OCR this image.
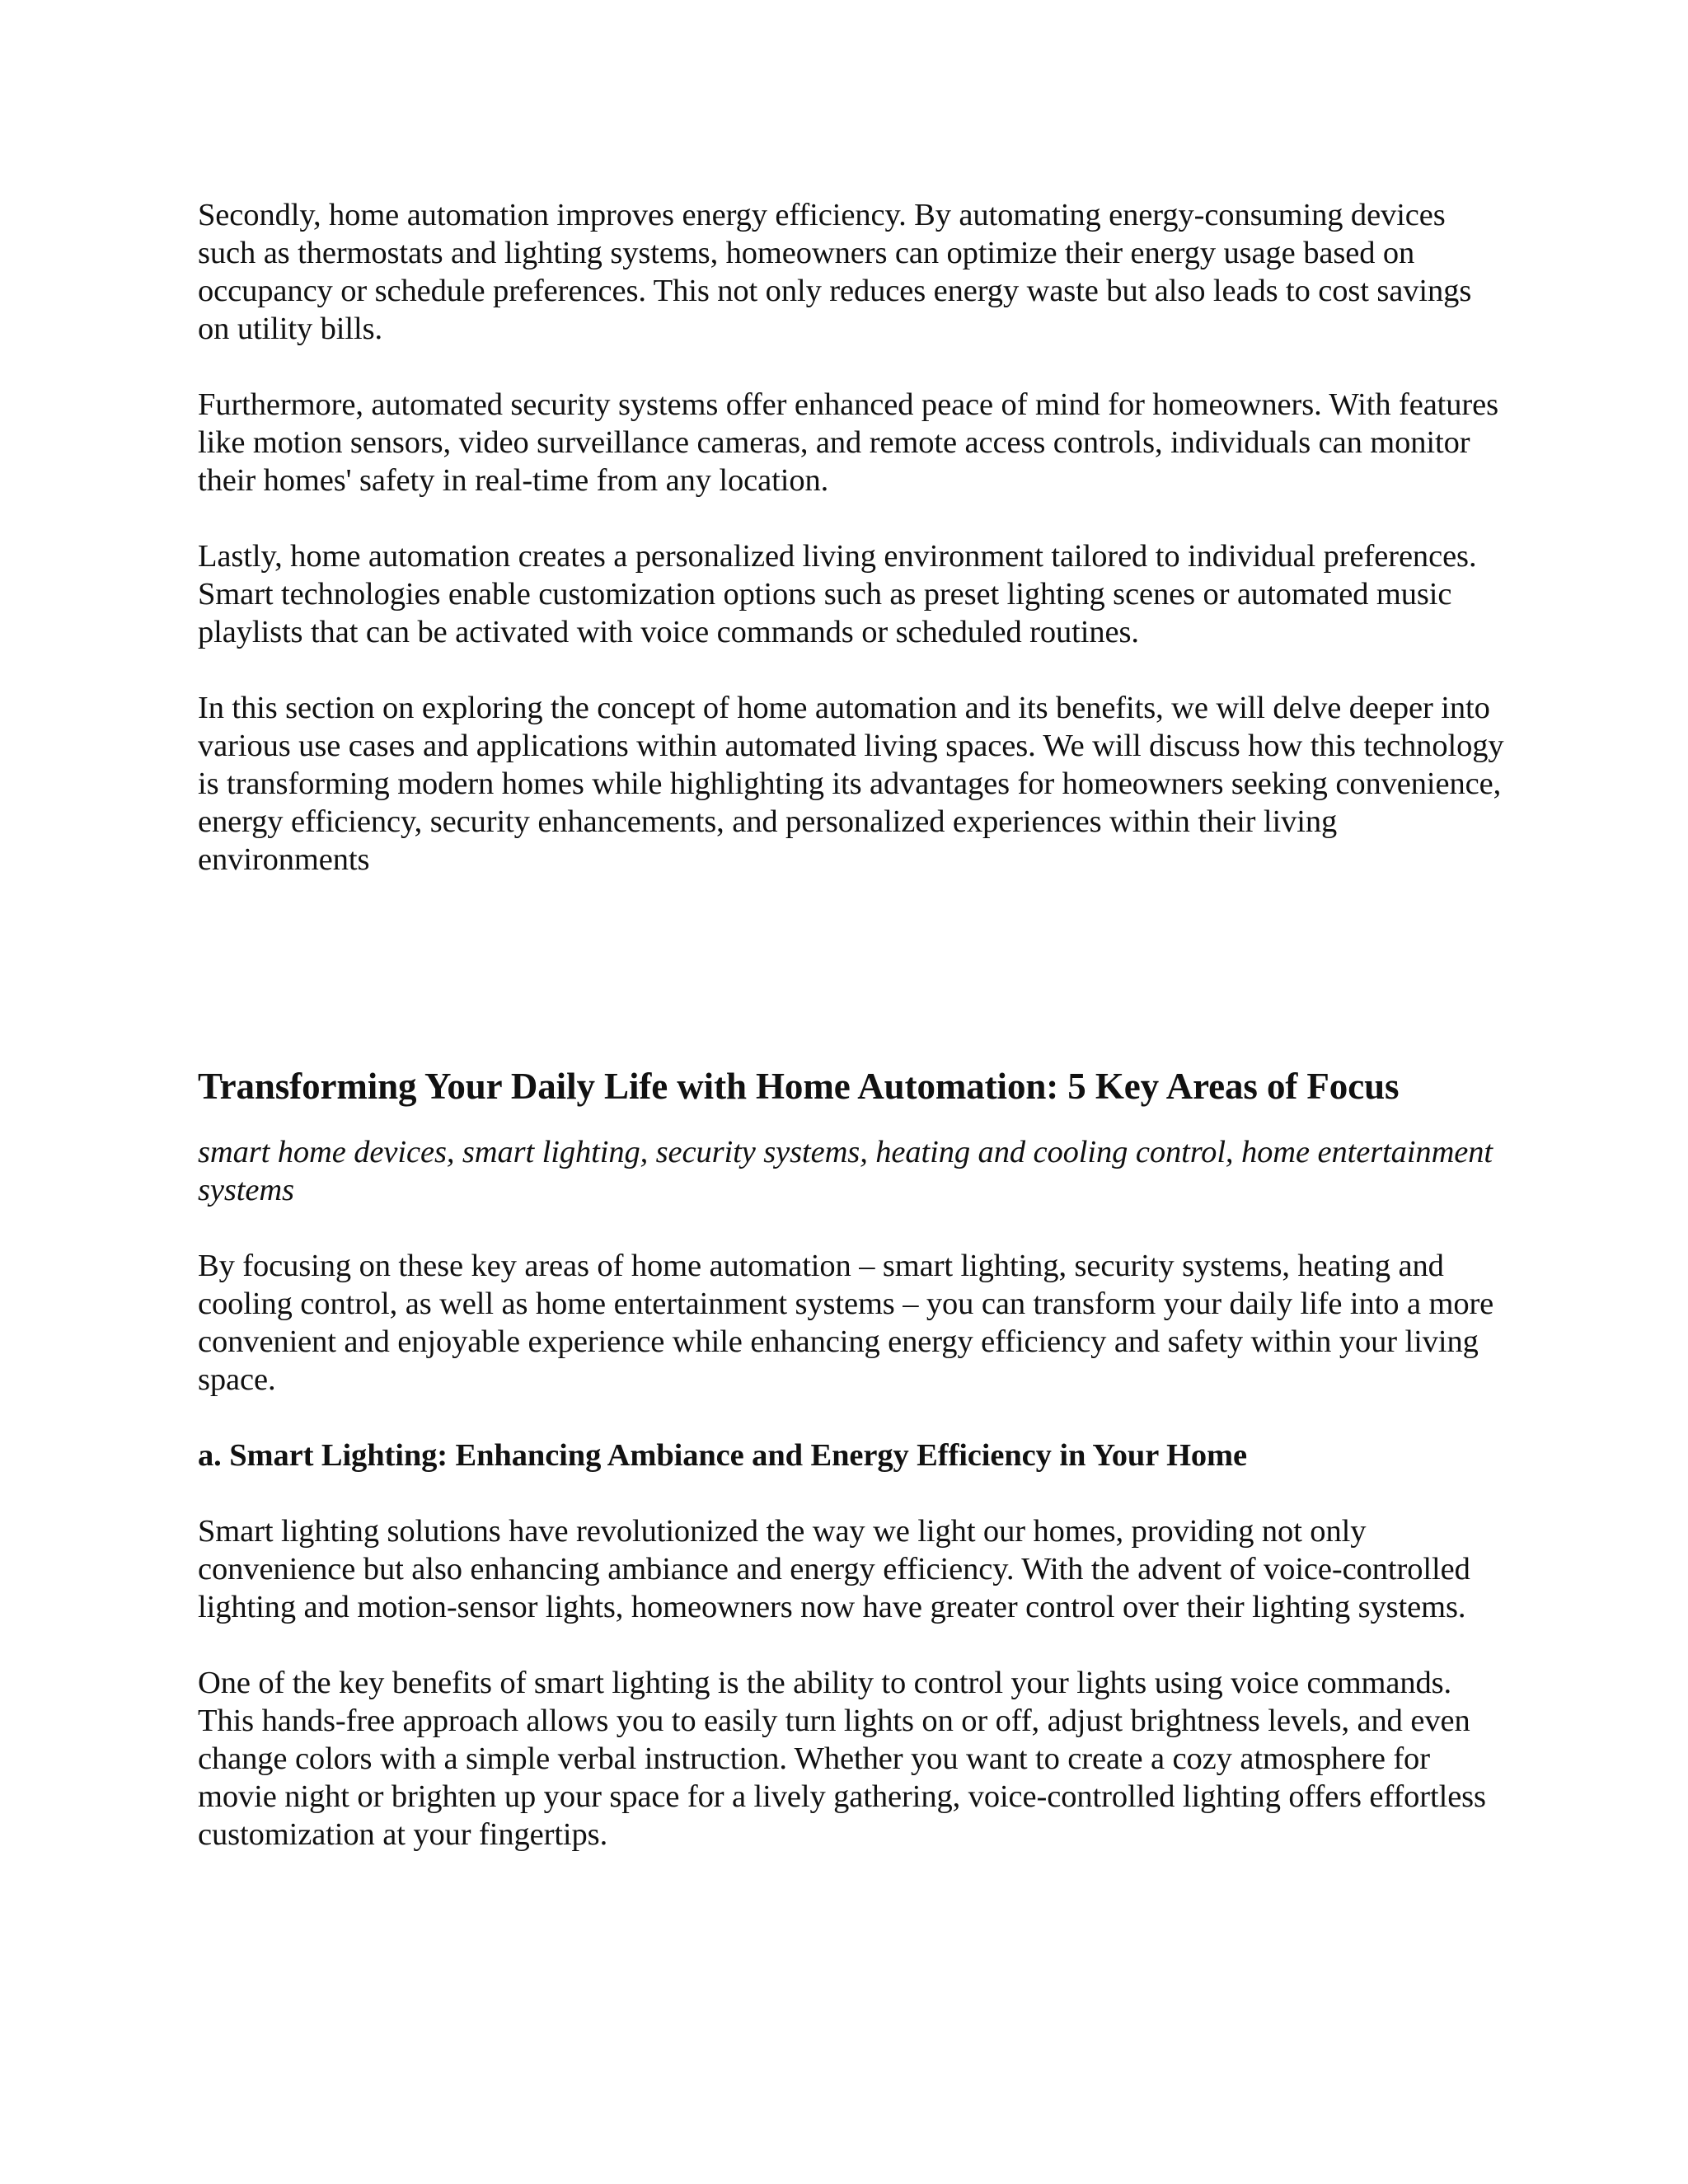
Secondly, home automation improves energy efficiency. By automating energy-consuming devices such as thermostats and lighting systems, homeowners can optimize their energy usage based on occupancy or schedule preferences. This not only reduces energy waste but also leads to cost savings on utility bills.

Furthermore, automated security systems offer enhanced peace of mind for homeowners. With features like motion sensors, video surveillance cameras, and remote access controls, individuals can monitor their homes' safety in real-time from any location.

Lastly, home automation creates a personalized living environment tailored to individual preferences. Smart technologies enable customization options such as preset lighting scenes or automated music playlists that can be activated with voice commands or scheduled routines.

In this section on exploring the concept of home automation and its benefits, we will delve deeper into various use cases and applications within automated living spaces. We will discuss how this technology is transforming modern homes while highlighting its advantages for homeowners seeking convenience, energy efficiency, security enhancements, and personalized experiences within their living environments

Transforming Your Daily Life with Home Automation: 5 Key Areas of Focus

smart home devices, smart lighting, security systems, heating and cooling control, home entertainment systems

By focusing on these key areas of home automation – smart lighting, security systems, heating and cooling control, as well as home entertainment systems – you can transform your daily life into a more convenient and enjoyable experience while enhancing energy efficiency and safety within your living space.

a. Smart Lighting: Enhancing Ambiance and Energy Efficiency in Your Home

Smart lighting solutions have revolutionized the way we light our homes, providing not only convenience but also enhancing ambiance and energy efficiency. With the advent of voice-controlled lighting and motion-sensor lights, homeowners now have greater control over their lighting systems.

One of the key benefits of smart lighting is the ability to control your lights using voice commands. This hands-free approach allows you to easily turn lights on or off, adjust brightness levels, and even change colors with a simple verbal instruction. Whether you want to create a cozy atmosphere for movie night or brighten up your space for a lively gathering, voice-controlled lighting offers effortless customization at your fingertips.
